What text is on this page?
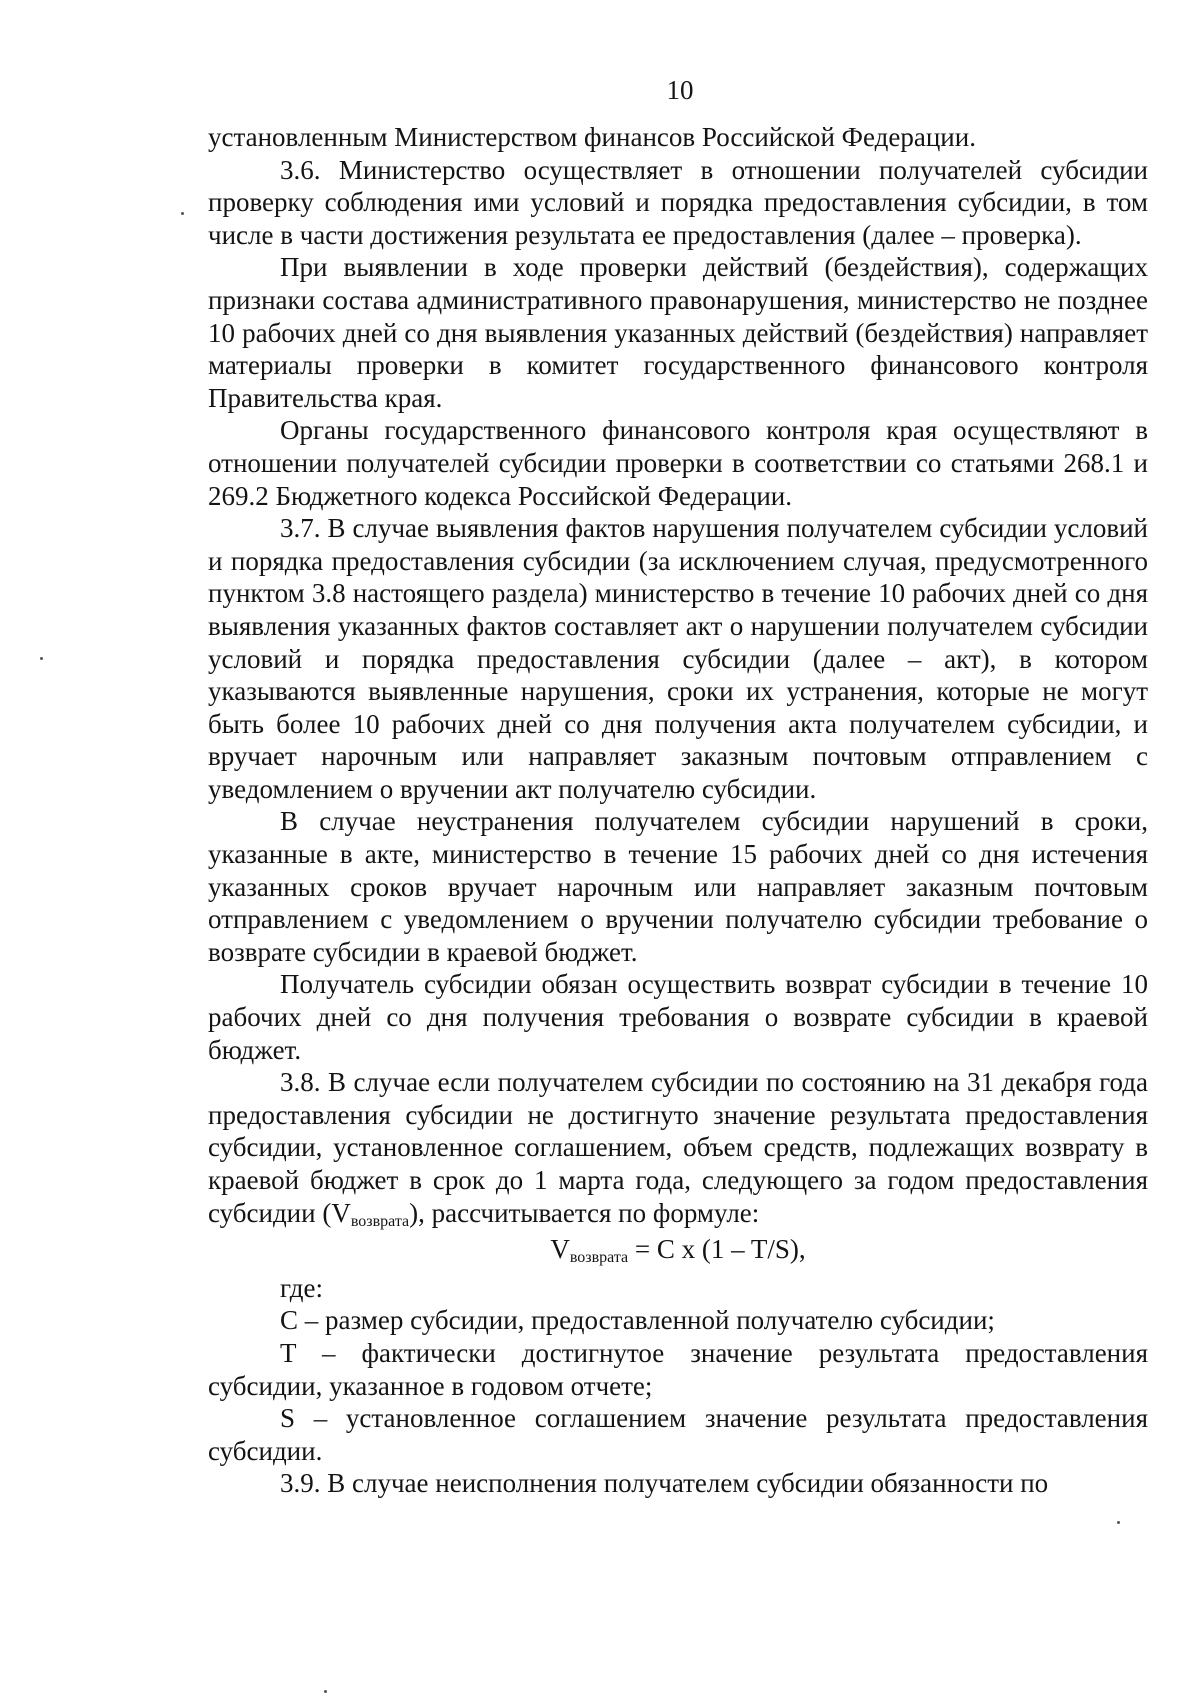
10

установленным Министерством финансов Российской Федерации.

3.6. Министерство осуществляет в отношении получателей субсидии проверку соблюдения ими условий и порядка предоставления субсидии, в том числе в части достижения результата ее предоставления (далее – проверка).

При выявлении в ходе проверки действий (бездействия), содержащих признаки состава административного правонарушения, министерство не позднее 10 рабочих дней со дня выявления указанных действий (бездействия) направляет материалы проверки в комитет государственного финансового контроля Правительства края.

Органы государственного финансового контроля края осуществляют в отношении получателей субсидии проверки в соответствии со статьями 268.1 и 269.2 Бюджетного кодекса Российской Федерации.

3.7. В случае выявления фактов нарушения получателем субсидии условий и порядка предоставления субсидии (за исключением случая, предусмотренного пунктом 3.8 настоящего раздела) министерство в течение 10 рабочих дней со дня выявления указанных фактов составляет акт о нарушении получателем субсидии условий и порядка предоставления субсидии (далее – акт), в котором указываются выявленные нарушения, сроки их устранения, которые не могут быть более 10 рабочих дней со дня получения акта получателем субсидии, и вручает нарочным или направляет заказным почтовым отправлением с уведомлением о вручении акт получателю субсидии.

В случае неустранения получателем субсидии нарушений в сроки, указанные в акте, министерство в течение 15 рабочих дней со дня истечения указанных сроков вручает нарочным или направляет заказным почтовым отправлением с уведомлением о вручении получателю субсидии требование о возврате субсидии в краевой бюджет.

Получатель субсидии обязан осуществить возврат субсидии в течение 10 рабочих дней со дня получения требования о возврате субсидии в краевой бюджет.

3.8. В случае если получателем субсидии по состоянию на 31 декабря года предоставления субсидии не достигнуто значение результата предоставления субсидии, установленное соглашением, объем средств, подлежащих возврату в краевой бюджет в срок до 1 марта года, следующего за годом предоставления субсидии $(V_{возврата})$, рассчитывается по формуле:

$V_{возврата} = C$ x (1 – T/S),

где:

C – размер субсидии, предоставленной получателю субсидии;

T – фактически достигнутое значение результата предоставления субсидии, указанное в годовом отчете;

S – установленное соглашением значение результата предоставления субсидии.

3.9. В случае неисполнения получателем субсидии обязанности по
